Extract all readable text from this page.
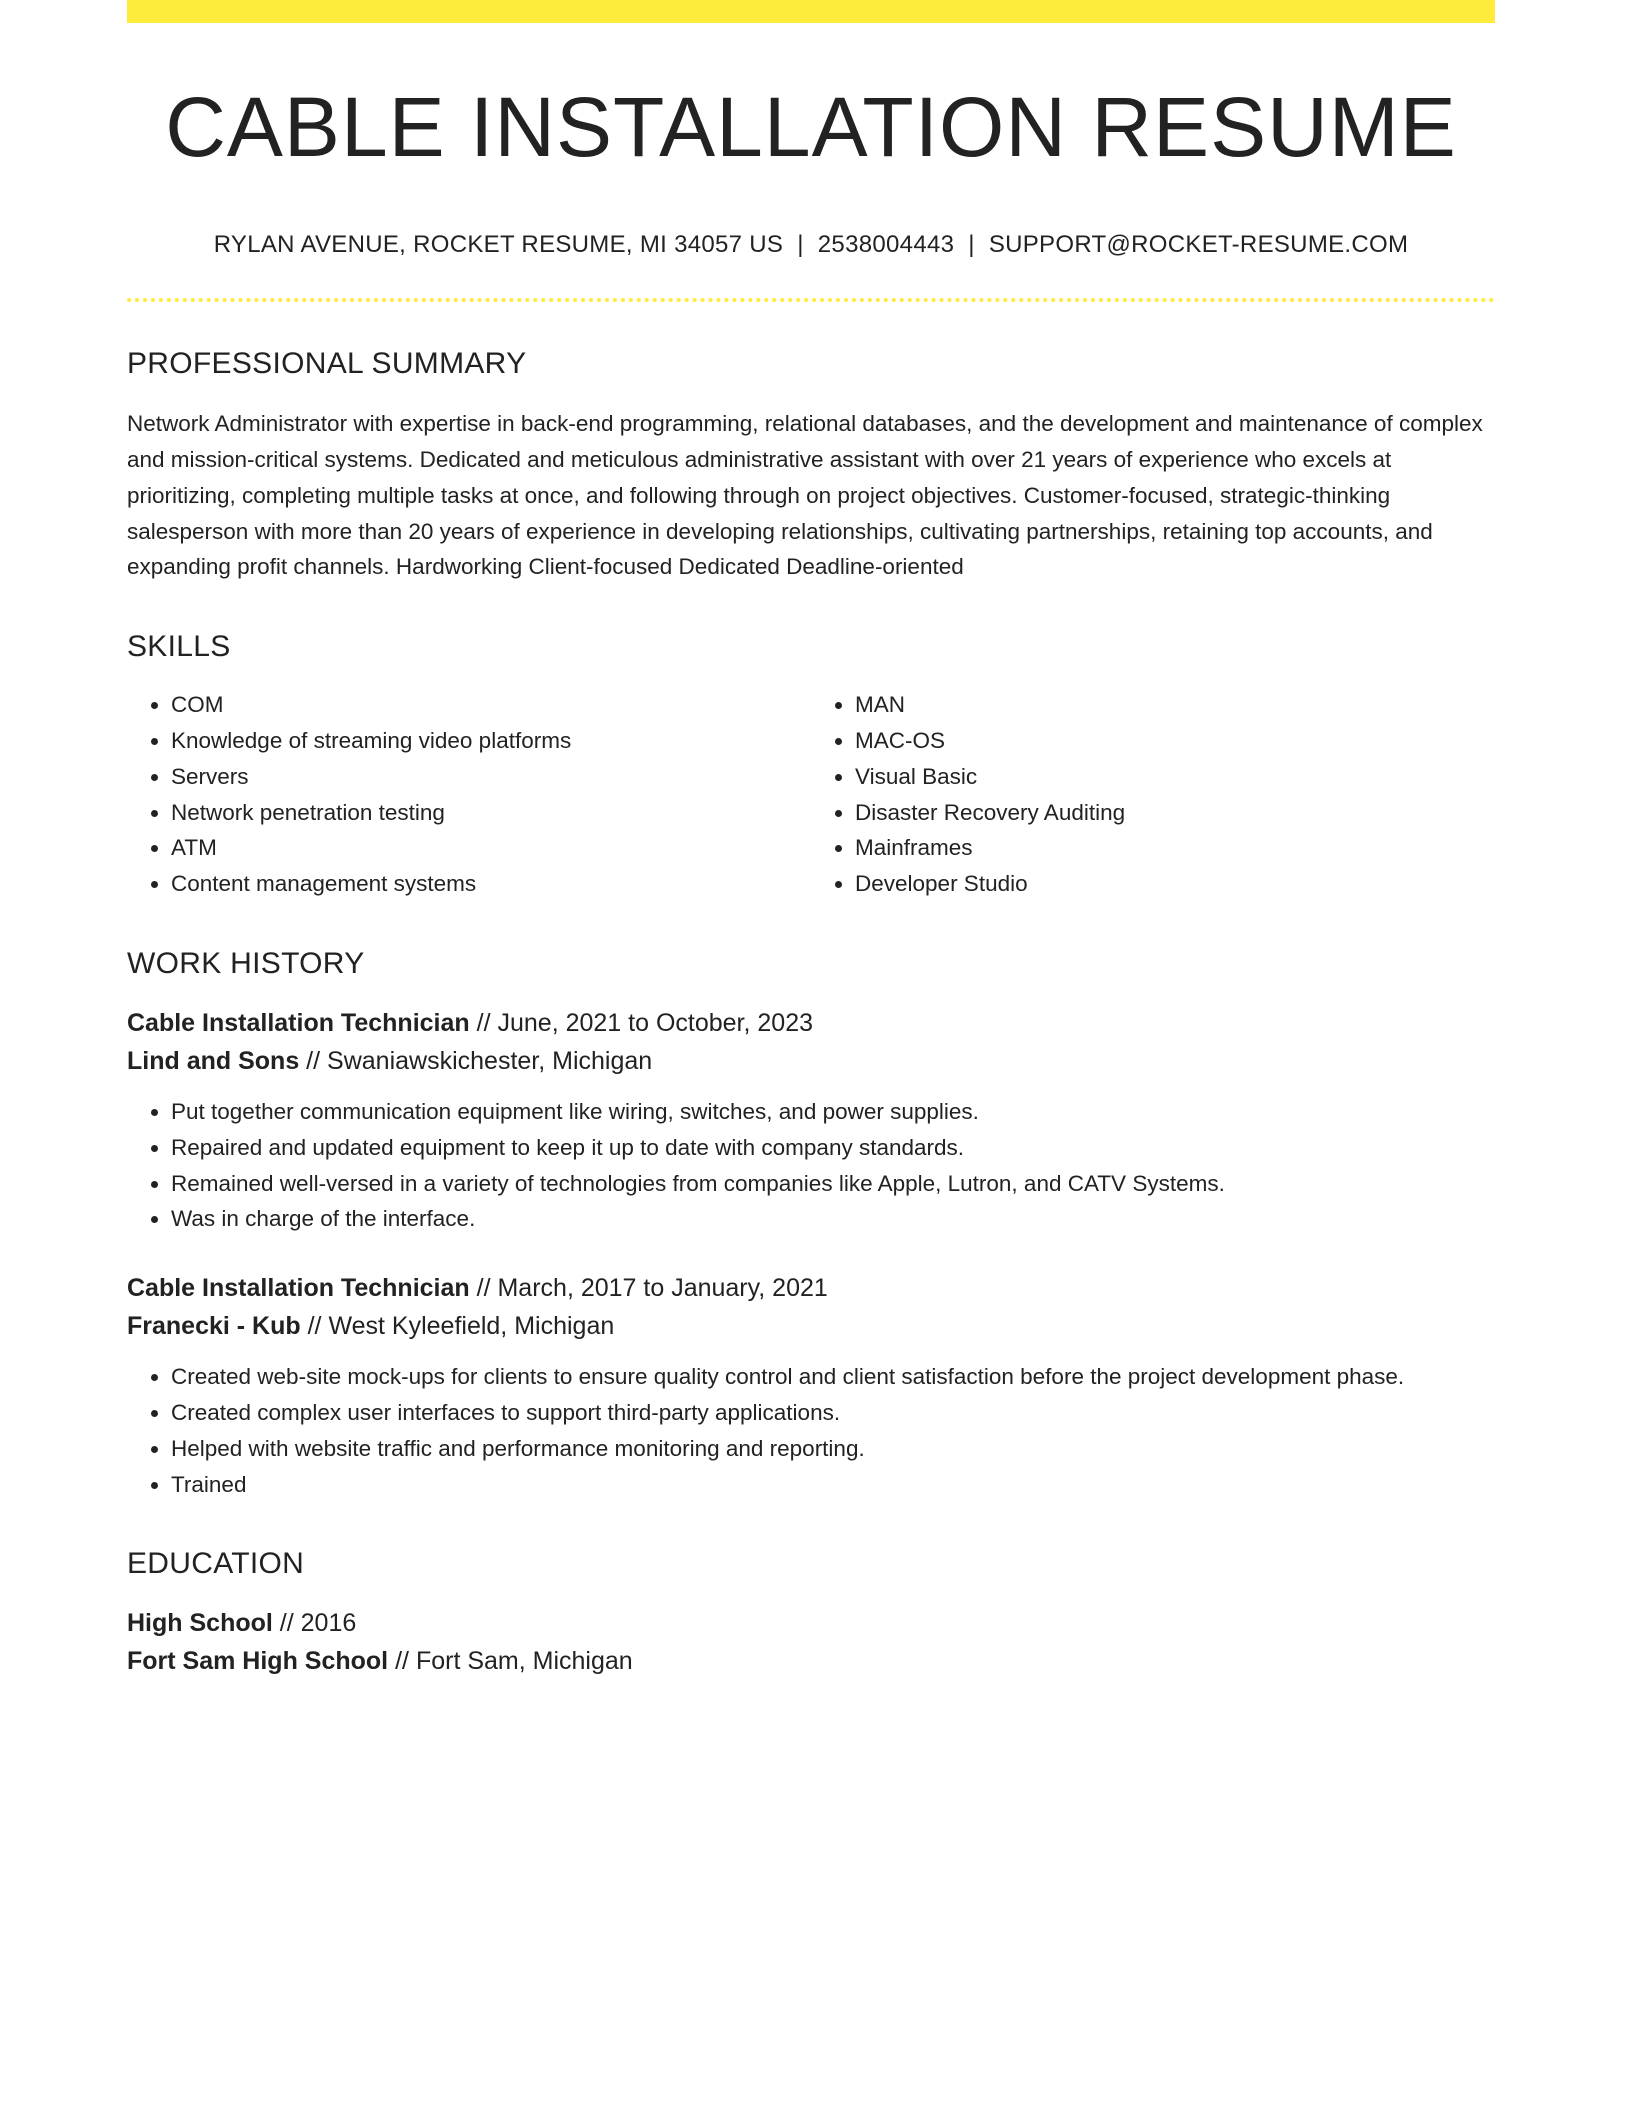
CABLE INSTALLATION RESUME
RYLAN AVENUE, ROCKET RESUME, MI 34057 US | 2538004443 | SUPPORT@ROCKET-RESUME.COM
PROFESSIONAL SUMMARY
Network Administrator with expertise in back-end programming, relational databases, and the development and maintenance of complex and mission-critical systems. Dedicated and meticulous administrative assistant with over 21 years of experience who excels at prioritizing, completing multiple tasks at once, and following through on project objectives. Customer-focused, strategic-thinking salesperson with more than 20 years of experience in developing relationships, cultivating partnerships, retaining top accounts, and expanding profit channels. Hardworking Client-focused Dedicated Deadline-oriented
SKILLS
• COM
• Knowledge of streaming video platforms
• Servers
• Network penetration testing
• ATM
• Content management systems
• MAN
• MAC-OS
• Visual Basic
• Disaster Recovery Auditing
• Mainframes
• Developer Studio
WORK HISTORY
Cable Installation Technician // June, 2021 to October, 2023
Lind and Sons // Swaniawskichester, Michigan
• Put together communication equipment like wiring, switches, and power supplies.
• Repaired and updated equipment to keep it up to date with company standards.
• Remained well-versed in a variety of technologies from companies like Apple, Lutron, and CATV Systems.
• Was in charge of the interface.
Cable Installation Technician // March, 2017 to January, 2021
Franecki - Kub // West Kyleefield, Michigan
• Created web-site mock-ups for clients to ensure quality control and client satisfaction before the project development phase.
• Created complex user interfaces to support third-party applications.
• Helped with website traffic and performance monitoring and reporting.
• Trained
EDUCATION
High School // 2016
Fort Sam High School // Fort Sam, Michigan
